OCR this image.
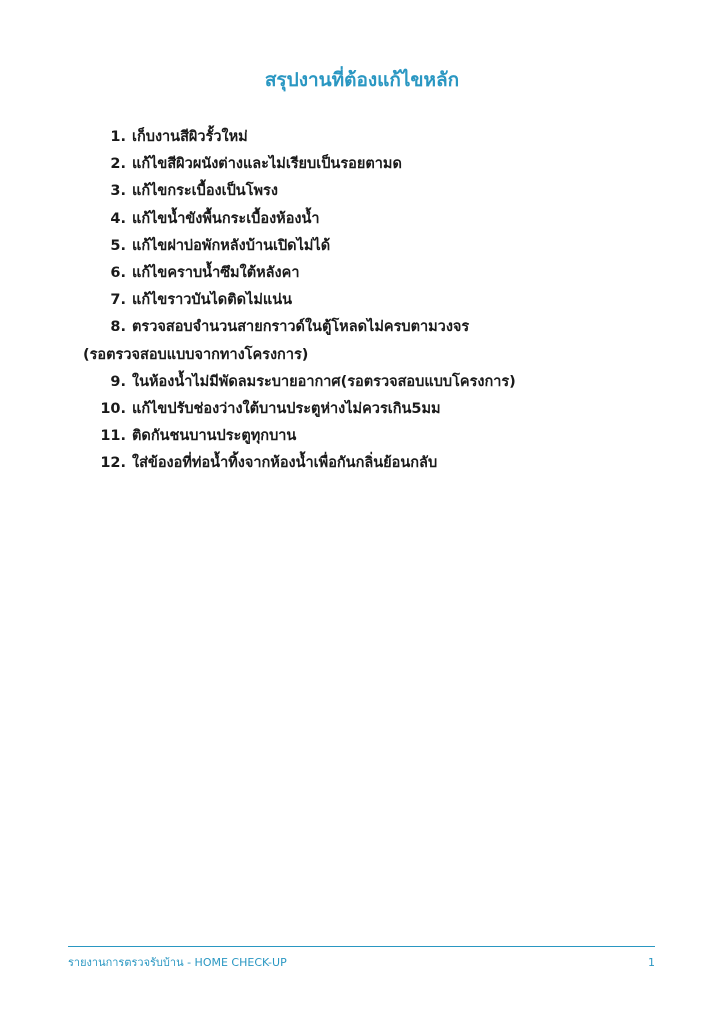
สรุปงานที่ต้องแก้ไขหลัก
1. เก็บงานสีผิวรั้วใหม่
2. แก้ไขสีผิวผนังต่างและไม่เรียบเป็นรอยตามด
3. แก้ไขกระเบื้องเป็นโพรง
4. แก้ไขน้ำขังพื้นกระเบื้องห้องน้ำ
5. แก้ไขฝาบ่อพักหลังบ้านเปิดไม่ได้
6. แก้ไขคราบน้ำซึมใต้หลังคา
7. แก้ไขราวบันไดติดไม่แน่น
8. ตรวจสอบจำนวนสายกราวด์ในตู้โหลดไม่ครบตามวงจร
(รอตรวจสอบแบบจากทางโครงการ)
9. ในห้องน้ำไม่มีพัดลมระบายอากาศ(รอตรวจสอบแบบโครงการ)
10. แก้ไขปรับช่องว่างใต้บานประตูห่างไม่ควรเกิน5มม
11. ติดกันชนบานประตูทุกบาน
12. ใส่ข้องอที่ท่อน้ำทิ้งจากห้องน้ำเพื่อกันกลิ่นย้อนกลับ
รายงานการตรวจรับบ้าน - HOME CHECK-UP	1
